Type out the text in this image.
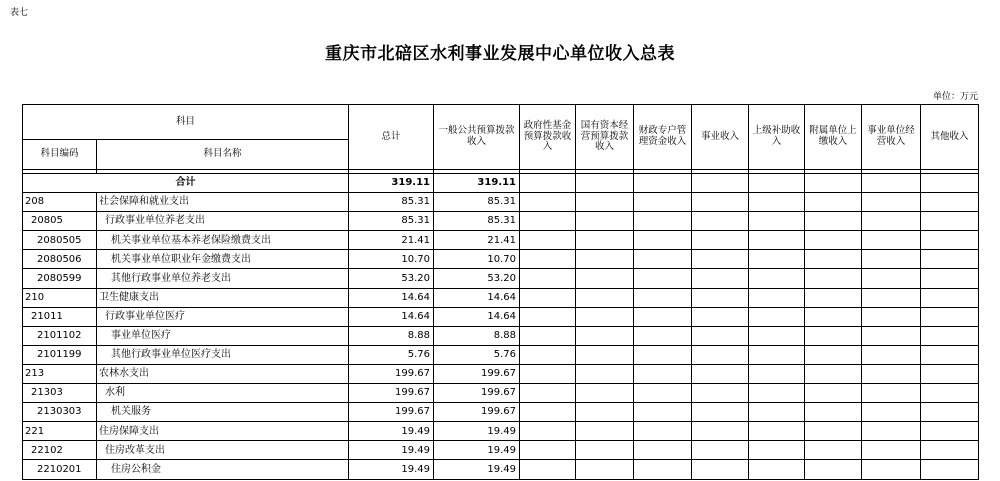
表七
重庆市北碚区水利事业发展中心单位收入总表
单位：万元
科目		总计	一般公共预算拨款收入	政府性基金预算拨款收入	国有资本经营预算拨款收入	财政专户管理资金收入	事业收入	上级补助收入	附属单位上缴收入	事业单位经营收入	其他收入
科目编码	科目名称										

合计		319.11	319.11								
208	社会保障和就业支出	85.31	85.31								
20805	行政事业单位养老支出	85.31	85.31								
2080505	机关事业单位基本养老保险缴费支出	21.41	21.41								
2080506	机关事业单位职业年金缴费支出	10.70	10.70								
2080599	其他行政事业单位养老支出	53.20	53.20								
210	卫生健康支出	14.64	14.64								
21011	行政事业单位医疗	14.64	14.64								
2101102	事业单位医疗	8.88	8.88								
2101199	其他行政事业单位医疗支出	5.76	5.76								
213	农林水支出	199.67	199.67								
21303	水利	199.67	199.67								
2130303	机关服务	199.67	199.67								
221	住房保障支出	19.49	19.49								
22102	住房改革支出	19.49	19.49								
2210201	住房公积金	19.49	19.49								
